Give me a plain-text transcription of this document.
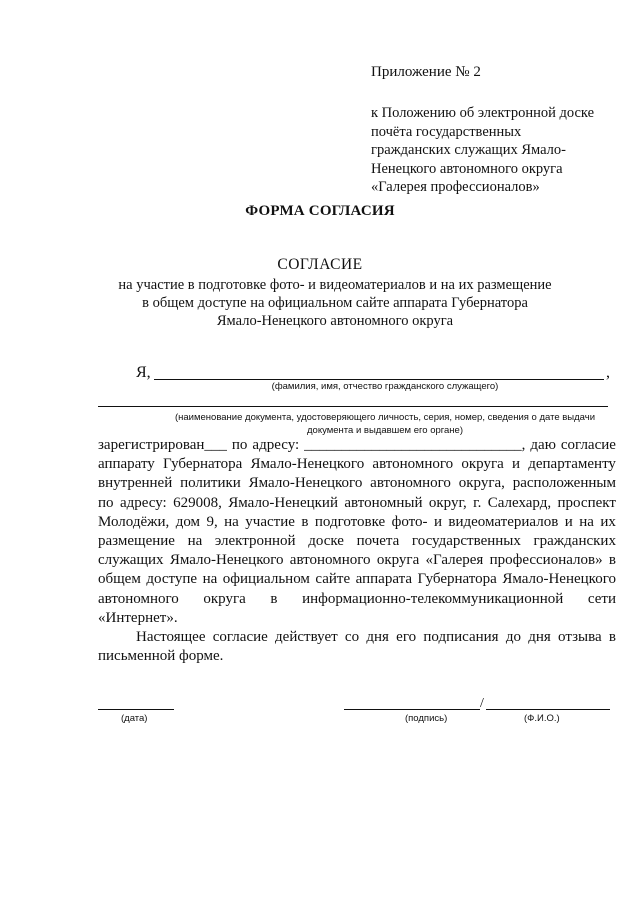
Приложение № 2
к Положению об электронной доске
почёта государственных
гражданских служащих Ямало-
Ненецкого автономного округа
«Галерея профессионалов»
ФОРМА СОГЛАСИЯ
СОГЛАСИЕ
на участие в подготовке фото- и видеоматериалов и на их размещение
в общем доступе на официальном сайте аппарата Губернатора
Ямало-Ненецкого автономного округа
Я,	,
(фамилия, имя, отчество гражданского служащего)
(наименование документа, удостоверяющего личность, серия, номер, сведения о дате выдачи
документа и выдавшем его органе)
зарегистрирован___ по адресу: _____________________________, даю согласие
аппарату Губернатора Ямало-Ненецкого автономного округа и департаменту
внутренней политики Ямало-Ненецкого автономного округа, расположенным
по адресу: 629008, Ямало-Ненецкий автономный округ, г. Салехард, проспект
Молодёжи, дом 9, на участие в подготовке фото- и видеоматериалов и на их
размещение на электронной доске почета государственных гражданских
служащих Ямало-Ненецкого автономного округа «Галерея профессионалов» в
общем доступе на официальном сайте аппарата Губернатора Ямало-Ненецкого
автономного округа в информационно-телекоммуникационной сети
«Интернет».
Настоящее согласие действует со дня его подписания до дня отзыва в
письменной форме.
(дата)
/
(подпись)	(Ф.И.О.)
